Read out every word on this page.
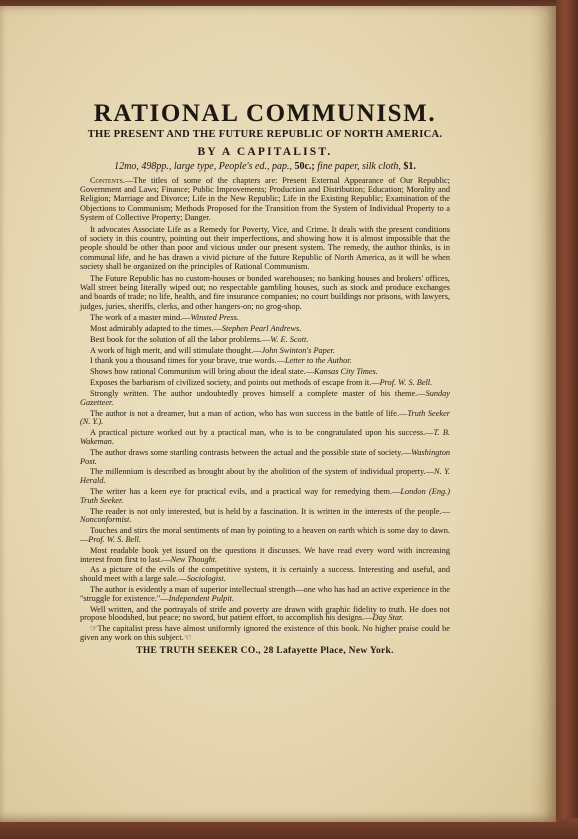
RATIONAL COMMUNISM.
THE PRESENT AND THE FUTURE REPUBLIC OF NORTH AMERICA.
BY A CAPITALIST.
12mo, 498pp., large type, People's ed., pap., 50c.; fine paper, silk cloth, $1.

Contents.—The titles of some of the chapters are: Present External Appearance of Our Republic; Government and Laws; Finance; Public Improvements; Production and Distribution; Education; Morality and Religion; Marriage and Divorce; Life in the New Republic; Life in the Existing Republic; Examination of the Objections to Communism; Methods Proposed for the Transition from the System of Individual Property to a System of Collective Property; Danger.

It advocates Associate Life as a Remedy for Poverty, Vice, and Crime. It deals with the present conditions of society in this country, pointing out their imperfections, and showing how it is almost impossible that the people should be other than poor and vicious under our present system. The remedy, the author thinks, is in communal life, and he has drawn a vivid picture of the future Republic of North America, as it will be when society shall be organized on the principles of Rational Communism.

The Future Republic has no custom-houses or bonded warehouses; no banking houses and brokers' offices, Wall street being literally wiped out; no respectable gambling houses, such as stock and produce exchanges and boards of trade; no life, health, and fire insurance companies; no court buildings nor prisons, with lawyers, judges, juries, sheriffs, clerks, and other hangers-on; no grog-shop.

The work of a master mind.—Winsted Press.

Most admirably adapted to the times.—Stephen Pearl Andrews.

Best book for the solution of all the labor problems.—W. E. Scott.

A work of high merit, and will stimulate thought.—John Swinton's Paper.

I thank you a thousand times for your brave, true words.—Letter to the Author.

Shows how rational Communism will bring about the ideal state.—Kansas City Times.

Exposes the barbarism of civilized society, and points out methods of escape from it.—Prof. W. S. Bell.

Strongly written. The author undoubtedly proves himself a complete master of his theme.—Sunday Gazetteer.

The author is not a dreamer, but a man of action, who has won success in the battle of life.—Truth Seeker (N. Y.).

A practical picture worked out by a practical man, who is to be congratulated upon his success.—T. B. Wakeman.

The author draws some startling contrasts between the actual and the possible state of society.—Washington Post.

The millennium is described as brought about by the abolition of the system of individual property.—N. Y. Herald.

The writer has a keen eye for practical evils, and a practical way for remedying them.—London (Eng.) Truth Seeker.

The reader is not only interested, but is held by a fascination. It is written in the interests of the people.—Nonconformist.

Touches and stirs the moral sentiments of man by pointing to a heaven on earth which is some day to dawn.—Prof. W. S. Bell.

Most readable book yet issued on the questions it discusses. We have read every word with increasing interest from first to last.—New Thought.

As a picture of the evils of the competitive system, it is certainly a success. Interesting and useful, and should meet with a large sale.—Sociologist.

The author is evidently a man of superior intellectual strength—one who has had an active experience in the "struggle for existence."—Independent Pulpit.

Well written, and the portrayals of strife and poverty are drawn with graphic fidelity to truth. He does not propose bloodshed, but peace; no sword, but patient effort, to accomplish his designs.—Day Star.

☞The capitalist press have almost uniformly ignored the existence of this book. No higher praise could be given any work on this subject.☜

THE TRUTH SEEKER CO., 28 Lafayette Place, New York.
